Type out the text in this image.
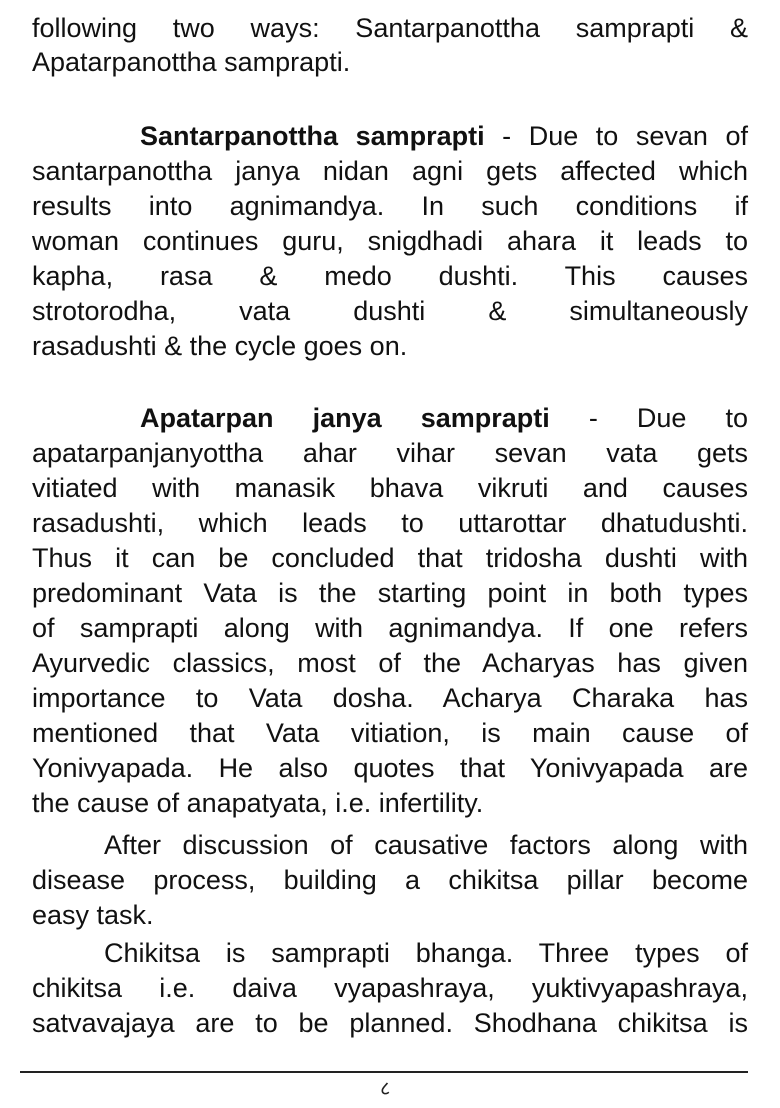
following two ways: Santarpanottha samprapti &
Apatarpanottha samprapti.
Santarpanottha samprapti - Due to sevan of
santarpanottha janya nidan agni gets affected which
results into agnimandya. In such conditions if
woman continues guru, snigdhadi ahara it leads to
kapha, rasa & medo dushti. This causes
strotorodha, vata dushti & simultaneously
rasadushti & the cycle goes on.
Apatarpan janya samprapti - Due to
apatarpanjanyottha ahar vihar sevan vata gets
vitiated with manasik bhava vikruti and causes
rasadushti, which leads to uttarottar dhatudushti.
Thus it can be concluded that tridosha dushti with
predominant Vata is the starting point in both types
of samprapti along with agnimandya. If one refers
Ayurvedic classics, most of the Acharyas has given
importance to Vata dosha. Acharya Charaka has
mentioned that Vata vitiation, is main cause of
Yonivyapada. He also quotes that Yonivyapada are
the cause of anapatyata, i.e. infertility.
After discussion of causative factors along with
disease process, building a chikitsa pillar become
easy task.
Chikitsa is samprapti bhanga. Three types of
chikitsa i.e. daiva vyapashraya, yuktivyapashraya,
satvavajaya are to be planned. Shodhana chikitsa is
८
